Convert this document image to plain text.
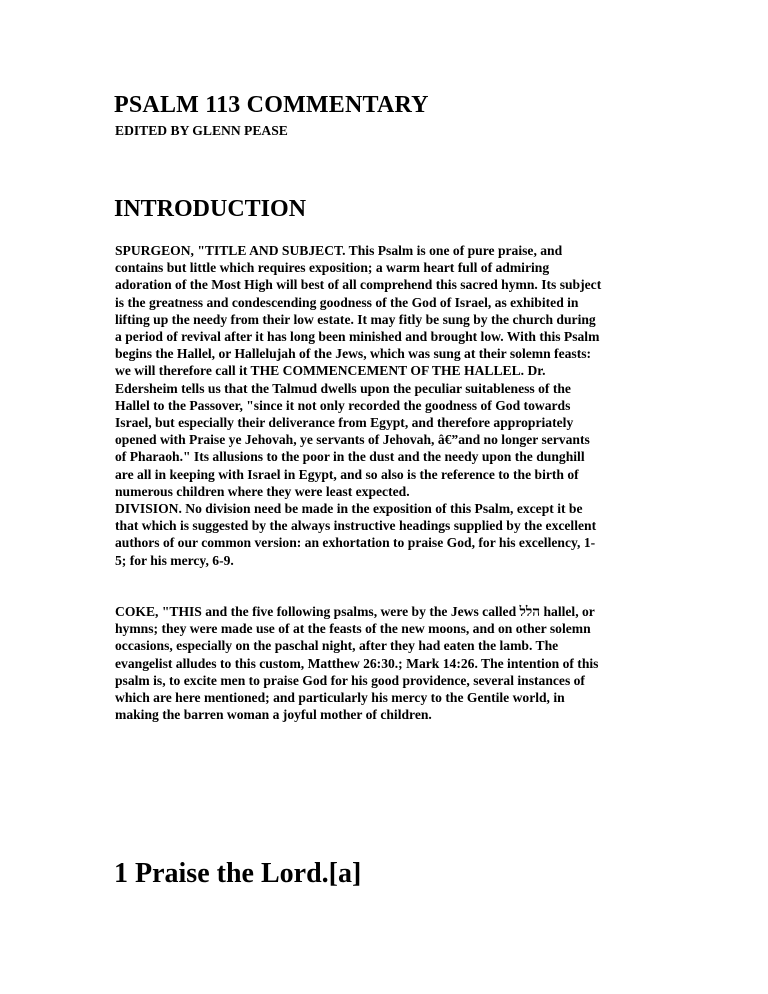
PSALM 113 COMMENTARY
EDITED BY GLENN PEASE
INTRODUCTION

SPURGEON, "TITLE AND SUBJECT. This Psalm is one of pure praise, and
contains but little which requires exposition; a warm heart full of admiring
adoration of the Most High will best of all comprehend this sacred hymn. Its subject
is the greatness and condescending goodness of the God of Israel, as exhibited in
lifting up the needy from their low estate. It may fitly be sung by the church during
a period of revival after it has long been minished and brought low. With this Psalm
begins the Hallel, or Hallelujah of the Jews, which was sung at their solemn feasts:
we will therefore call it THE COMMENCEMENT OF THE HALLEL. Dr.
Edersheim tells us that the Talmud dwells upon the peculiar suitableness of the
Hallel to the Passover, "since it not only recorded the goodness of God towards
Israel, but especially their deliverance from Egypt, and therefore appropriately
opened with Praise ye Jehovah, ye servants of Jehovah, â€”and no longer servants
of Pharaoh." Its allusions to the poor in the dust and the needy upon the dunghill
are all in keeping with Israel in Egypt, and so also is the reference to the birth of
numerous children where they were least expected.
DIVISION. No division need be made in the exposition of this Psalm, except it be
that which is suggested by the always instructive headings supplied by the excellent
authors of our common version: an exhortation to praise God, for his excellency, 1-
5; for his mercy, 6-9.

COKE, "THIS and the five following psalms, were by the Jews called הלל hallel, or
hymns; they were made use of at the feasts of the new moons, and on other solemn
occasions, especially on the paschal night, after they had eaten the lamb. The
evangelist alludes to this custom, Matthew 26:30.; Mark 14:26. The intention of this
psalm is, to excite men to praise God for his good providence, several instances of
which are here mentioned; and particularly his mercy to the Gentile world, in
making the barren woman a joyful mother of children.

1 Praise the Lord.[a]
